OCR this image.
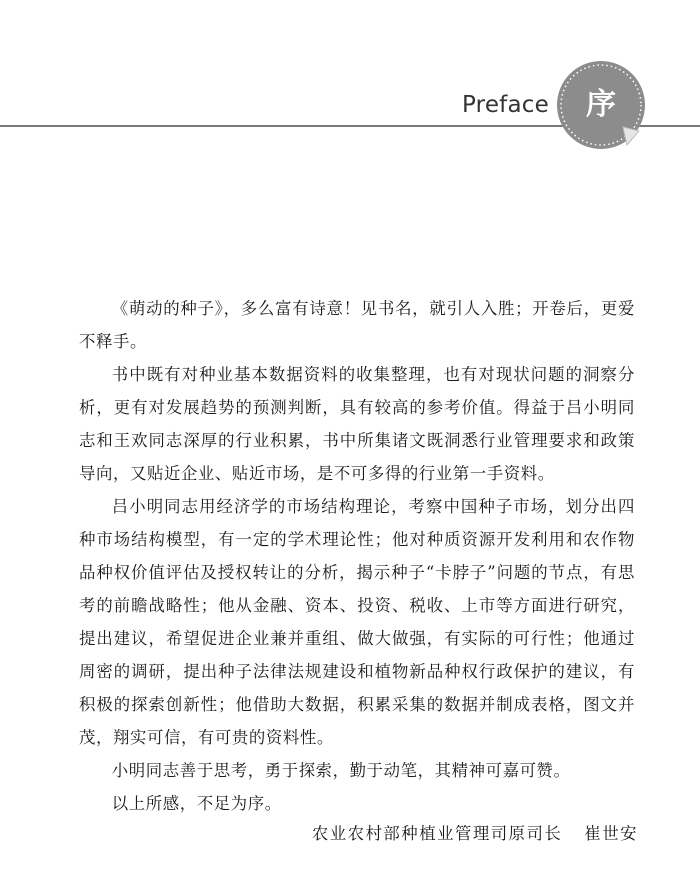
Preface	序

《萌动的种子》，多么富有诗意！见书名，就引人入胜；开卷后，更爱不释手。

书中既有对种业基本数据资料的收集整理，也有对现状问题的洞察分析，更有对发展趋势的预测判断，具有较高的参考价值。得益于吕小明同志和王欢同志深厚的行业积累，书中所集诸文既洞悉行业管理要求和政策导向，又贴近企业、贴近市场，是不可多得的行业第一手资料。

吕小明同志用经济学的市场结构理论，考察中国种子市场，划分出四种市场结构模型，有一定的学术理论性；他对种质资源开发利用和农作物品种权价值评估及授权转让的分析，揭示种子“卡脖子”问题的节点，有思考的前瞻战略性；他从金融、资本、投资、税收、上市等方面进行研究，提出建议，希望促进企业兼并重组、做大做强，有实际的可行性；他通过周密的调研，提出种子法律法规建设和植物新品种权行政保护的建议，有积极的探索创新性；他借助大数据，积累采集的数据并制成表格，图文并茂，翔实可信，有可贵的资料性。

小明同志善于思考，勇于探索，勤于动笔，其精神可嘉可赞。

以上所感，不足为序。

农业农村部种植业管理司原司长 崔世安
